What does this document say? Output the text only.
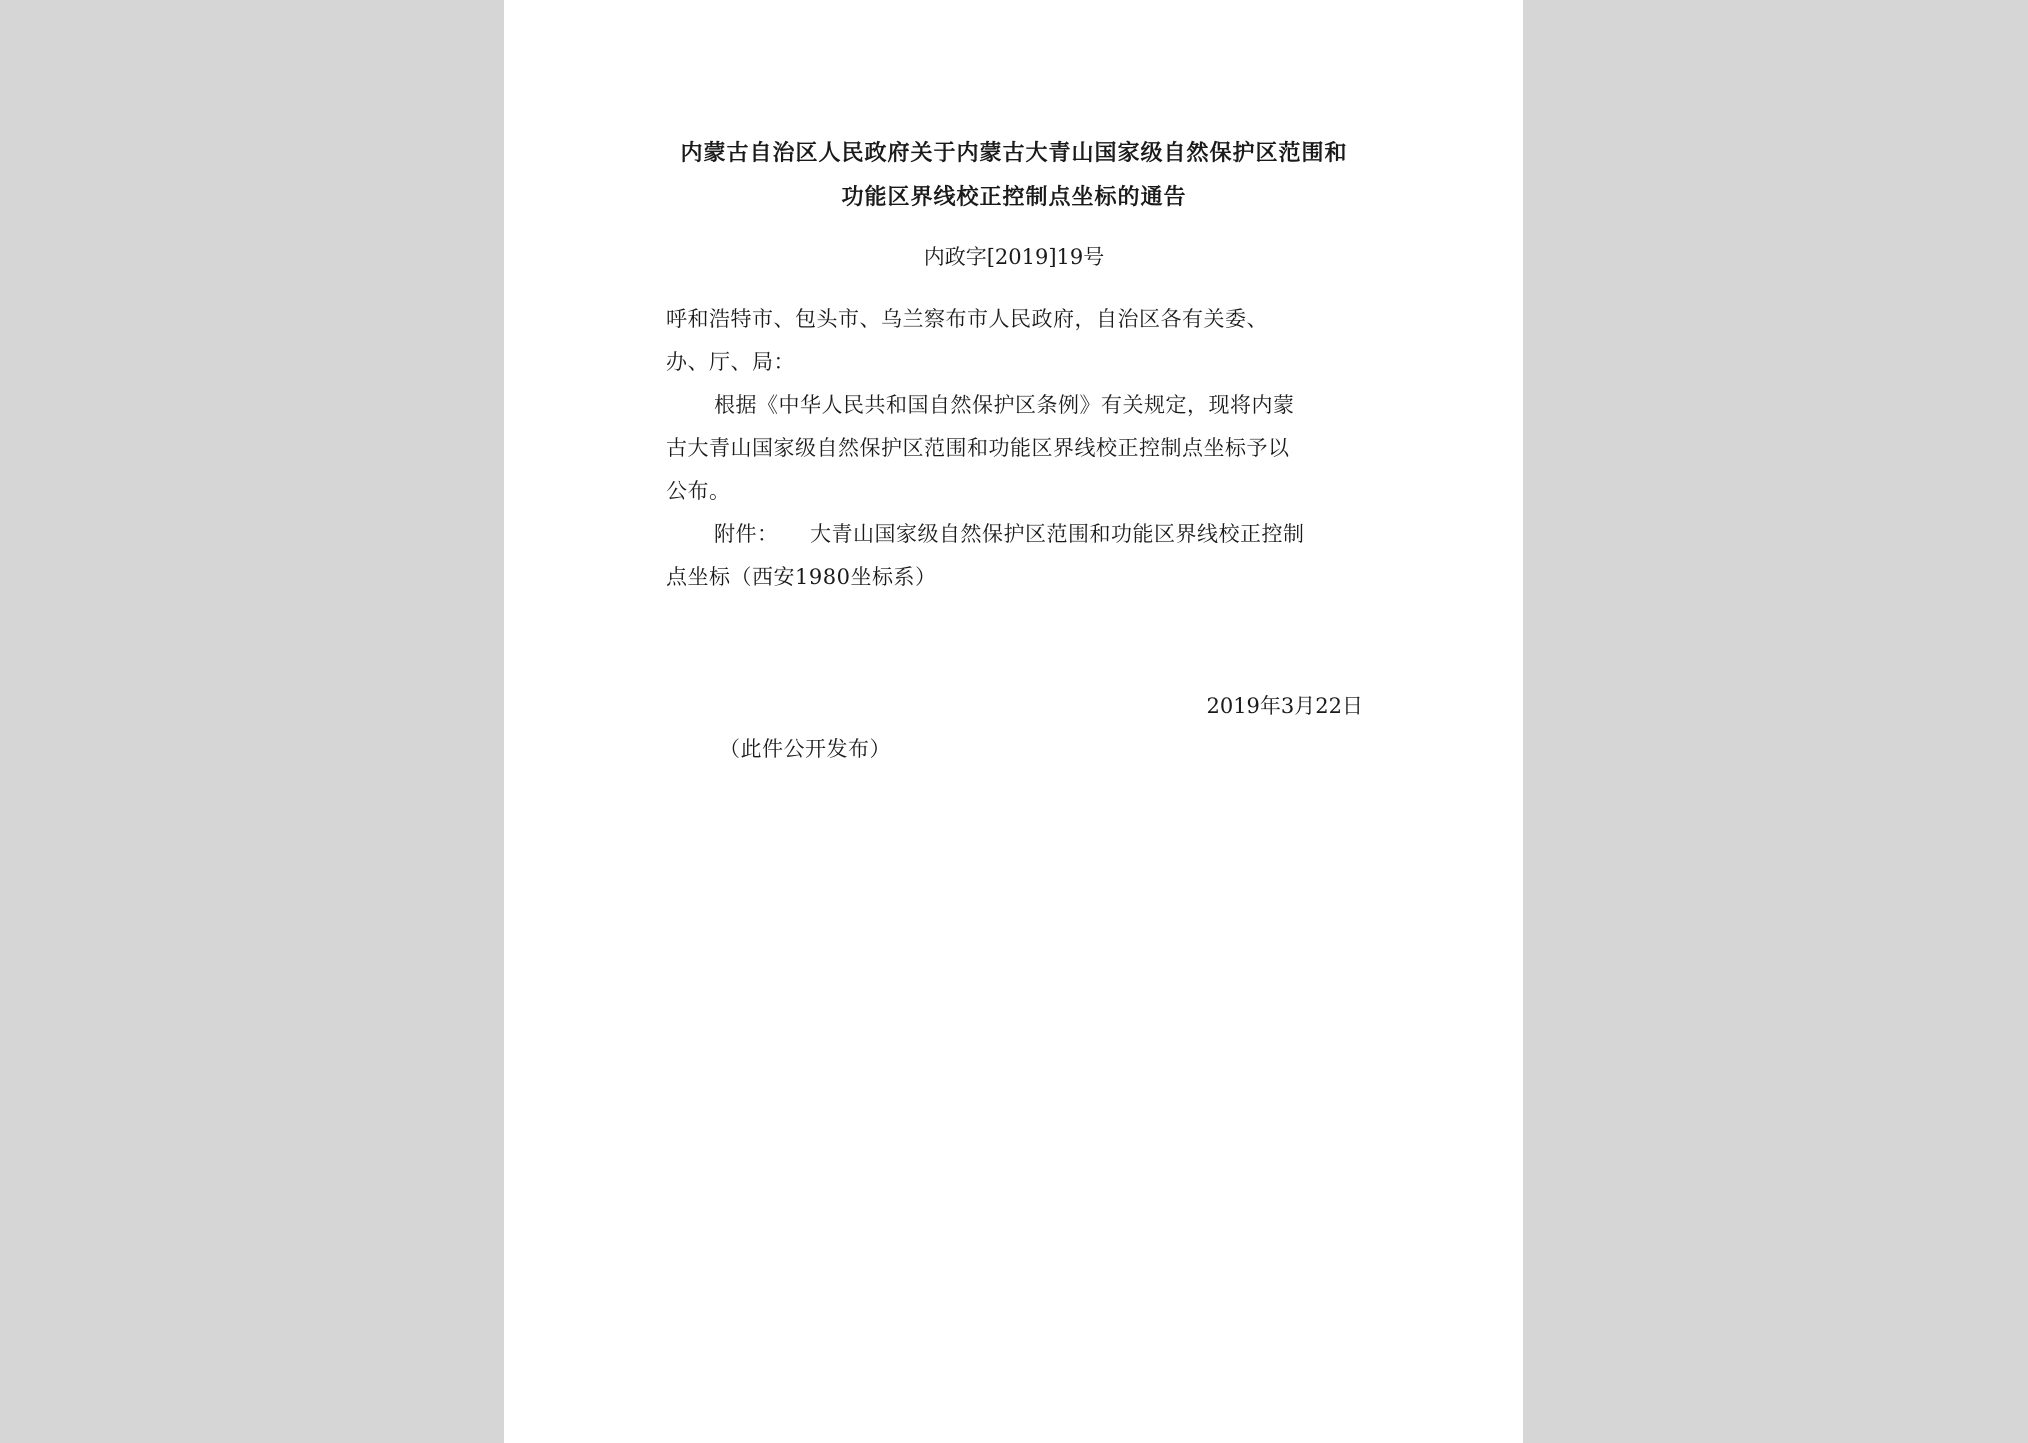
内蒙古自治区人民政府关于内蒙古大青山国家级自然保护区范围和
功能区界线校正控制点坐标的通告
内政字[2019]19号
呼和浩特市、包头市、乌兰察布市人民政府，自治区各有关委、
办、厅、局：
根据《中华人民共和国自然保护区条例》有关规定，现将内蒙
古大青山国家级自然保护区范围和功能区界线校正控制点坐标予以
公布。
附件： 大青山国家级自然保护区范围和功能区界线校正控制
点坐标（西安1980坐标系）
2019年3月22日
（此件公开发布）
